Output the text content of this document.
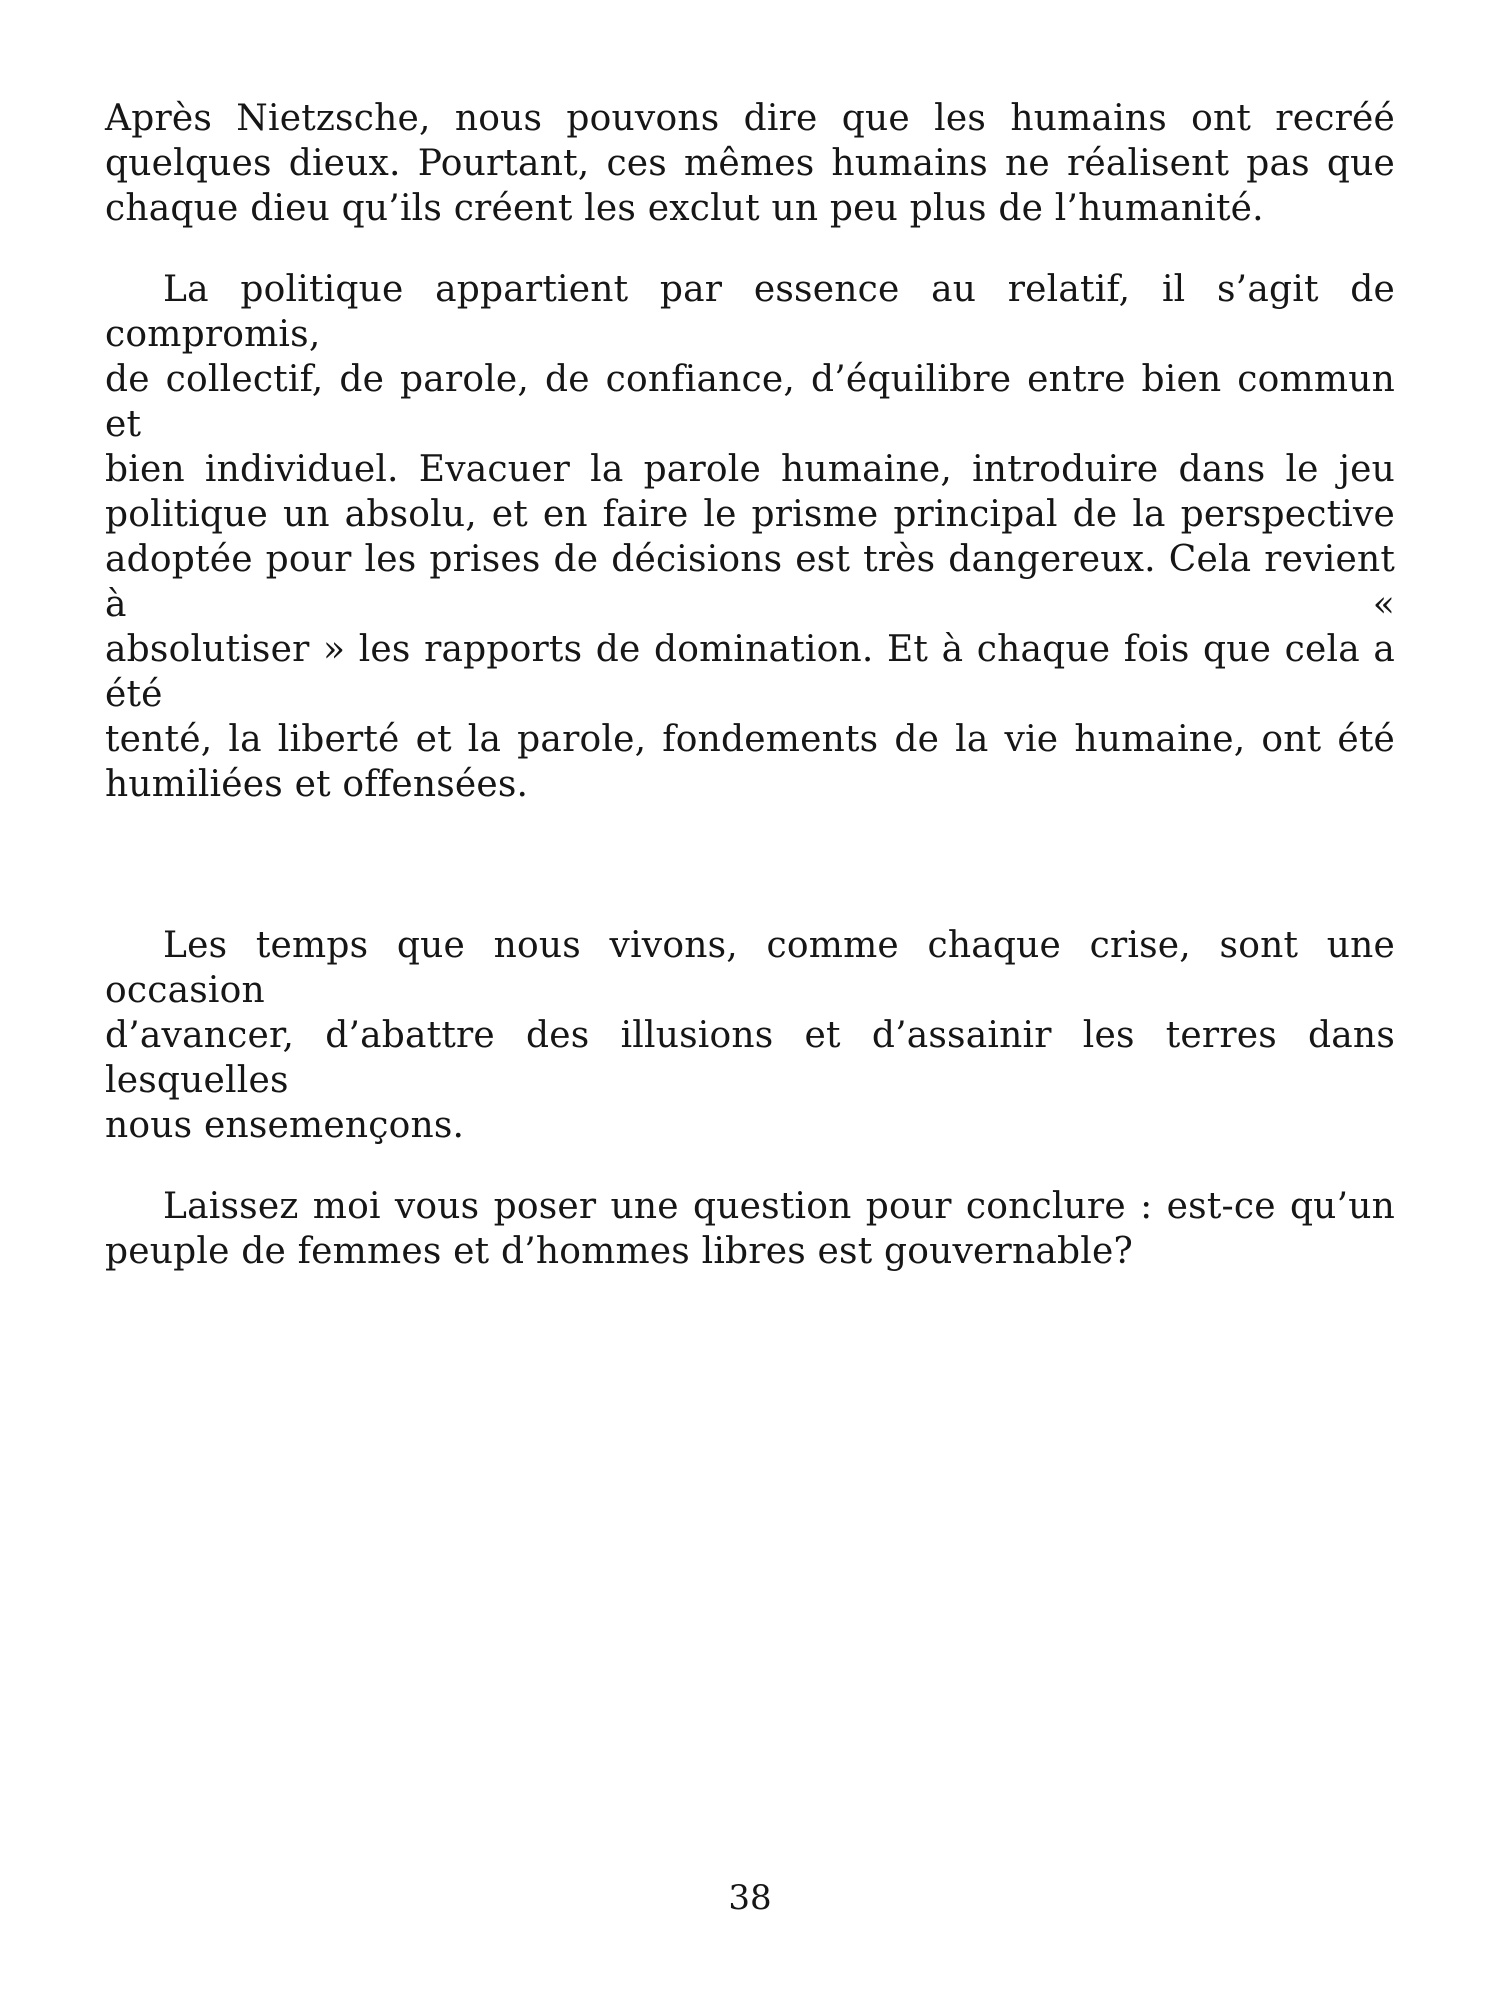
Après Nietzsche, nous pouvons dire que les humains ont recréé
quelques dieux. Pourtant, ces mêmes humains ne réalisent pas que
chaque dieu qu’ils créent les exclut un peu plus de l’humanité.
La politique appartient par essence au relatif, il s’agit de compromis,
de collectif, de parole, de confiance, d’équilibre entre bien commun et
bien individuel. Evacuer la parole humaine, introduire dans le jeu
politique un absolu, et en faire le prisme principal de la perspective
adoptée pour les prises de décisions est très dangereux. Cela revient à «
absolutiser » les rapports de domination. Et à chaque fois que cela a été
tenté, la liberté et la parole, fondements de la vie humaine, ont été
humiliées et offensées.
Les temps que nous vivons, comme chaque crise, sont une occasion
d’avancer, d’abattre des illusions et d’assainir les terres dans lesquelles
nous ensemençons.
Laissez moi vous poser une question pour conclure : est-ce qu’un
peuple de femmes et d’hommes libres est gouvernable?
38
